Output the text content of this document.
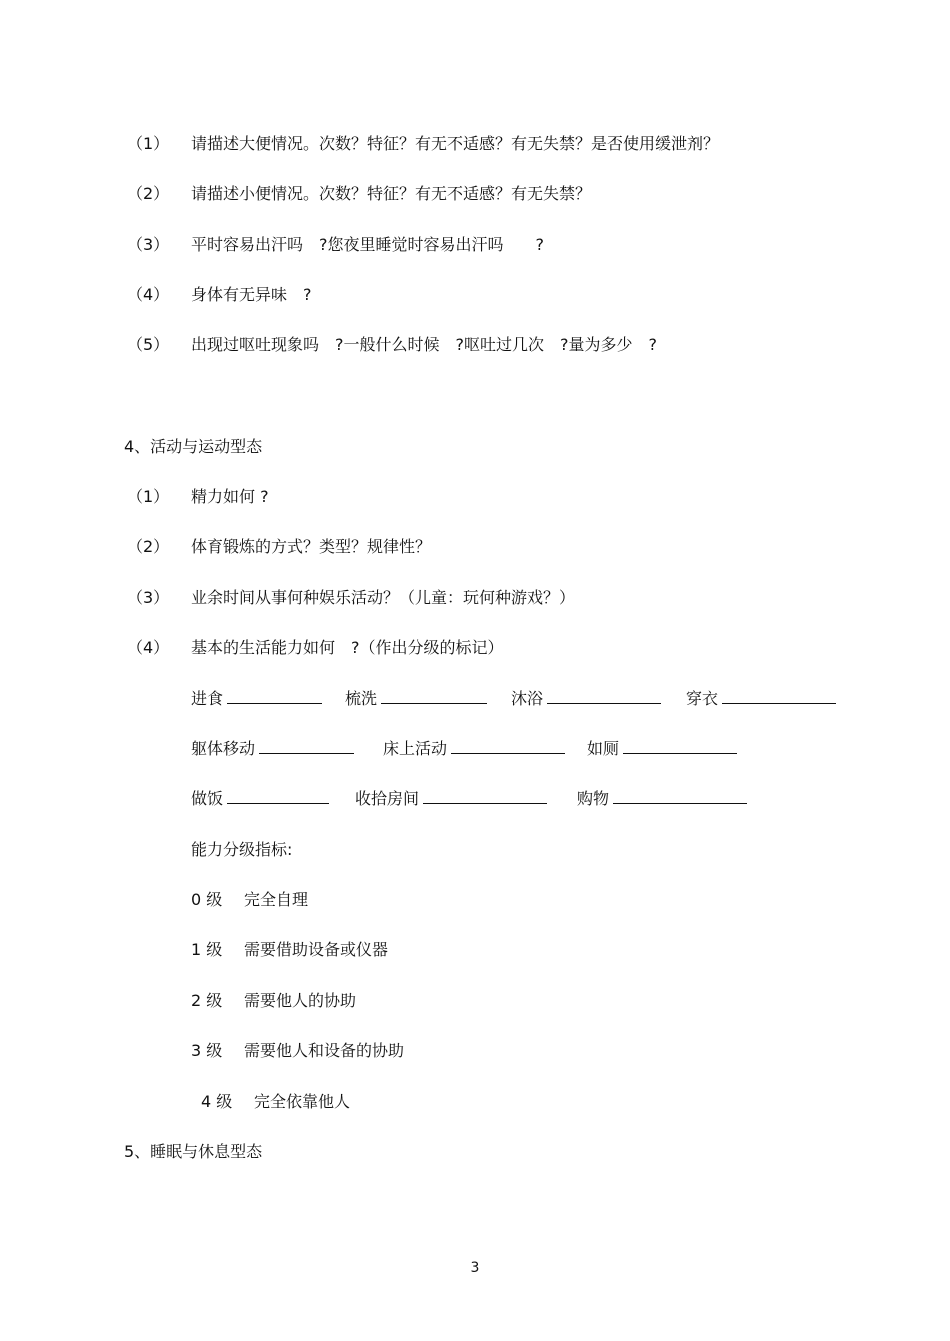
（1） 请描述大便情况。次数？特征？有无不适感？有无失禁？是否使用缓泄剂？
（2） 请描述小便情况。次数？特征？有无不适感？有无失禁？
（3） 平时容易出汗吗　?您夜里睡觉时容易出汗吗　　?
（4） 身体有无异味　?
（5） 出现过呕吐现象吗　?一般什么时候　?呕吐过几次　?量为多少　?
4、活动与运动型态
（1） 精力如何 ?
（2） 体育锻炼的方式？类型？规律性？
（3） 业余时间从事何种娱乐活动？（儿童：玩何种游戏？）
（4） 基本的生活能力如何　?（作出分级的标记）
进食	梳洗	沐浴	穿衣
躯体移动	床上活动	如厕
做饭	收拾房间	购物
能力分级指标:
0 级 完全自理
1 级 需要借助设备或仪器
2 级 需要他人的协助
3 级 需要他人和设备的协助
4 级 完全依靠他人
5、睡眠与休息型态
3
